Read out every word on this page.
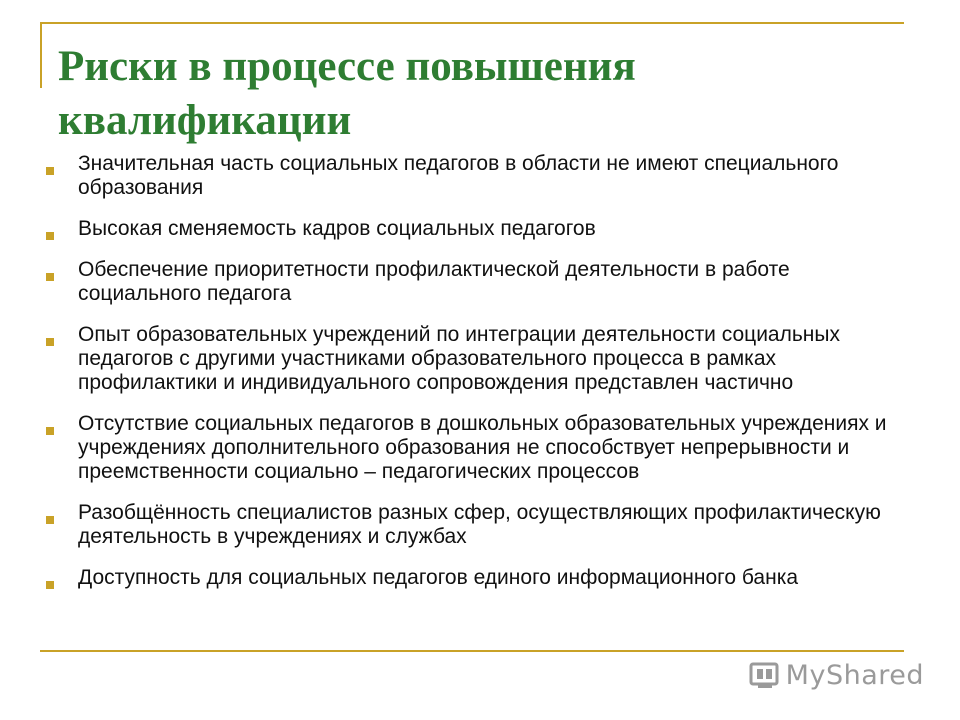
Риски в процессе повышения квалификации
Значительная часть социальных педагогов в области не имеют специального образования
Высокая сменяемость кадров социальных педагогов
Обеспечение приоритетности профилактической деятельности в работе социального педагога
Опыт образовательных учреждений по интеграции деятельности социальных педагогов с другими участниками образовательного процесса в рамках профилактики и индивидуального сопровождения представлен частично
Отсутствие социальных педагогов в дошкольных образовательных учреждениях и учреждениях дополнительного образования не способствует непрерывности и преемственности социально – педагогических процессов
Разобщённость специалистов разных сфер, осуществляющих профилактическую деятельность в учреждениях и службах
Доступность для социальных педагогов единого информационного банка
MyShared
